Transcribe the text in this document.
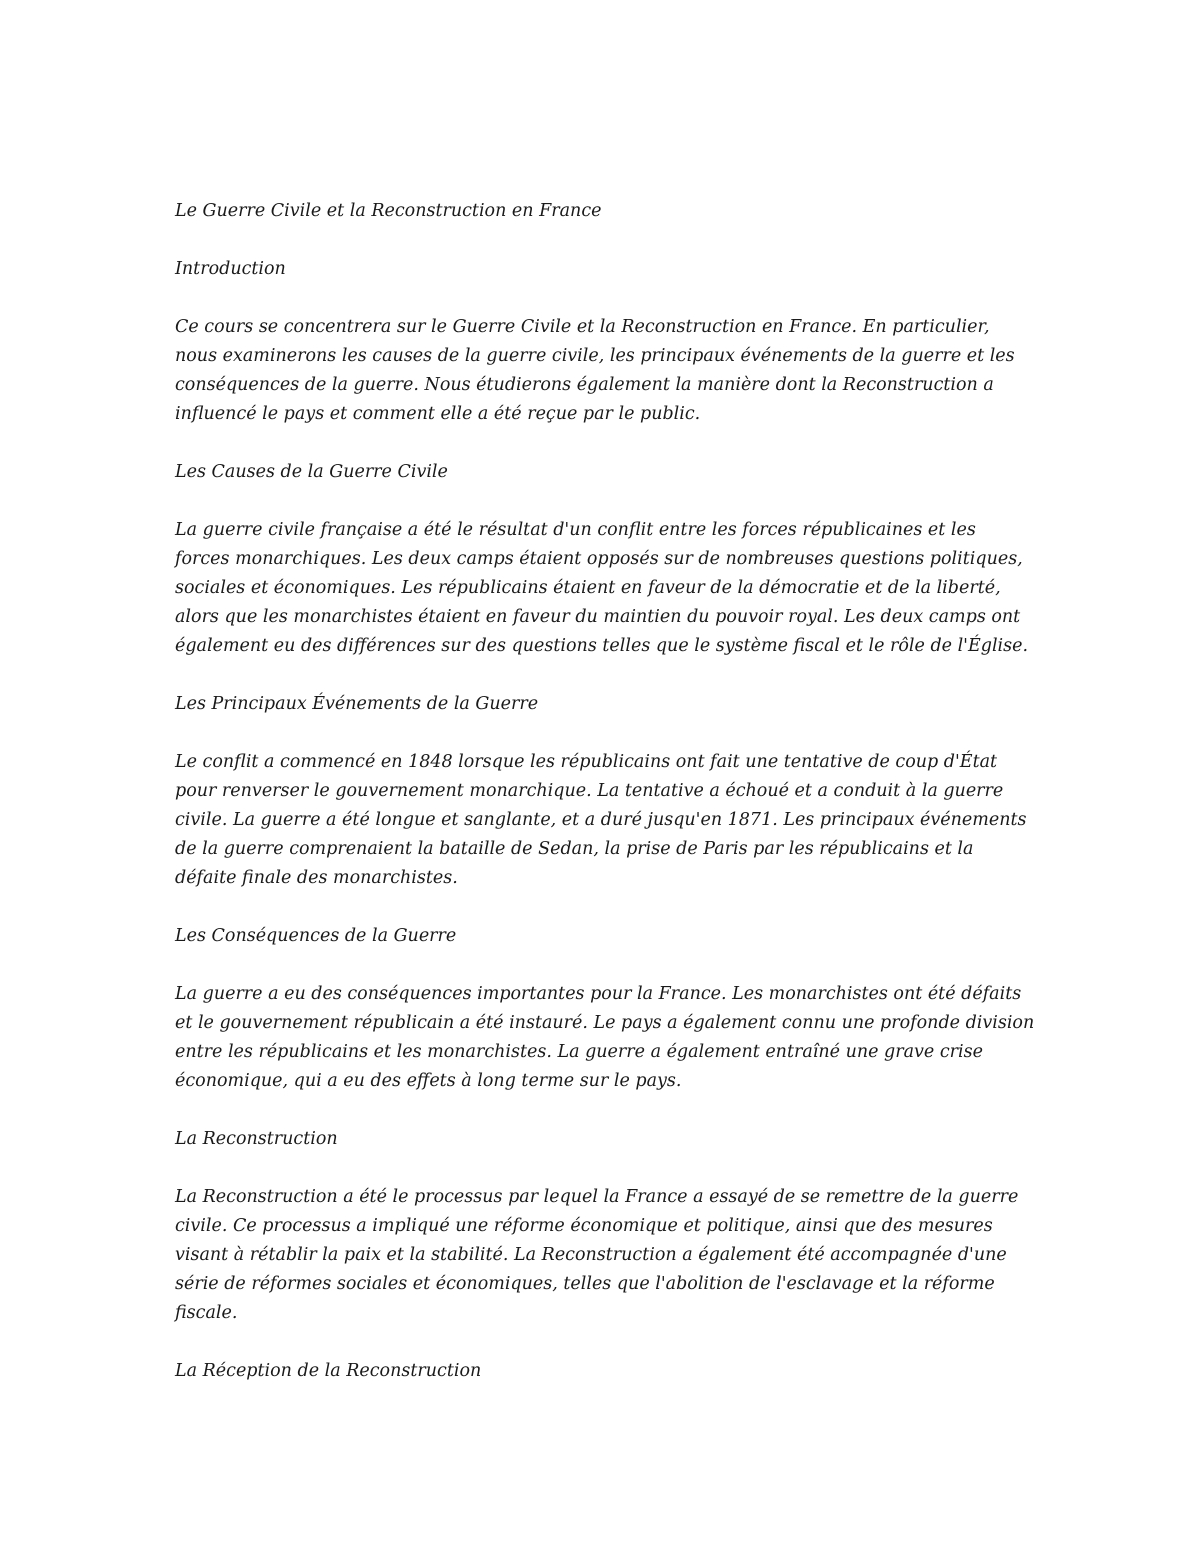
Le Guerre Civile et la Reconstruction en France

Introduction

Ce cours se concentrera sur le Guerre Civile et la Reconstruction en France. En particulier, nous examinerons les causes de la guerre civile, les principaux événements de la guerre et les conséquences de la guerre. Nous étudierons également la manière dont la Reconstruction a influencé le pays et comment elle a été reçue par le public.

Les Causes de la Guerre Civile

La guerre civile française a été le résultat d'un conflit entre les forces républicaines et les forces monarchiques. Les deux camps étaient opposés sur de nombreuses questions politiques, sociales et économiques. Les républicains étaient en faveur de la démocratie et de la liberté, alors que les monarchistes étaient en faveur du maintien du pouvoir royal. Les deux camps ont également eu des différences sur des questions telles que le système fiscal et le rôle de l'Église.

Les Principaux Événements de la Guerre

Le conflit a commencé en 1848 lorsque les républicains ont fait une tentative de coup d'État pour renverser le gouvernement monarchique. La tentative a échoué et a conduit à la guerre civile. La guerre a été longue et sanglante, et a duré jusqu'en 1871. Les principaux événements de la guerre comprenaient la bataille de Sedan, la prise de Paris par les républicains et la défaite finale des monarchistes.

Les Conséquences de la Guerre

La guerre a eu des conséquences importantes pour la France. Les monarchistes ont été défaits et le gouvernement républicain a été instauré. Le pays a également connu une profonde division entre les républicains et les monarchistes. La guerre a également entraîné une grave crise économique, qui a eu des effets à long terme sur le pays.

La Reconstruction

La Reconstruction a été le processus par lequel la France a essayé de se remettre de la guerre civile. Ce processus a impliqué une réforme économique et politique, ainsi que des mesures visant à rétablir la paix et la stabilité. La Reconstruction a également été accompagnée d'une série de réformes sociales et économiques, telles que l'abolition de l'esclavage et la réforme fiscale.

La Réception de la Reconstruction
